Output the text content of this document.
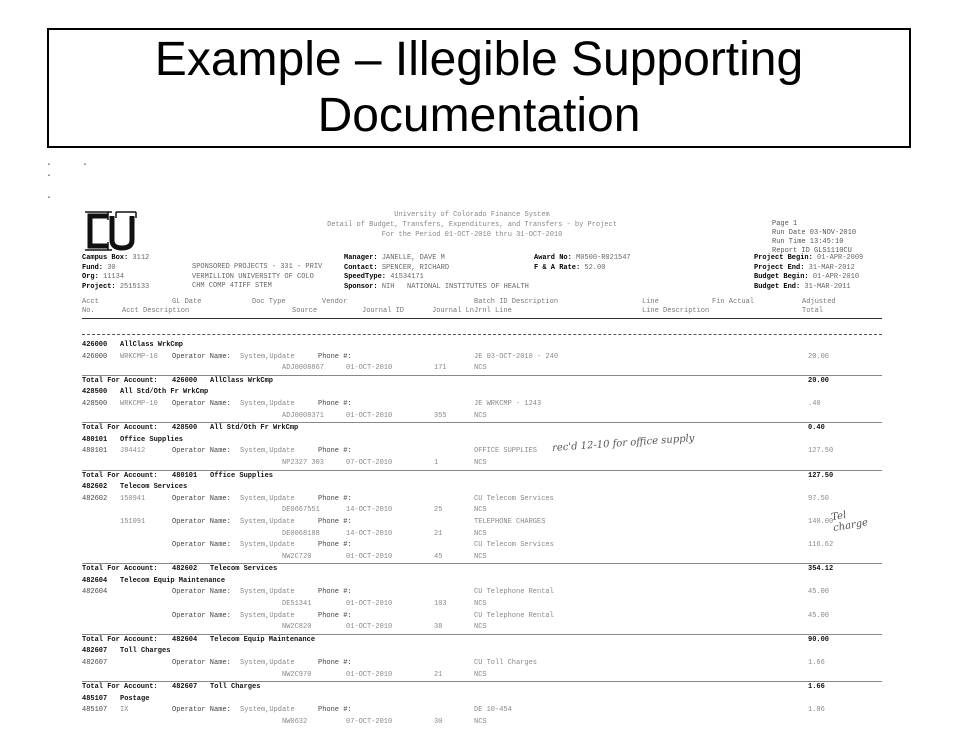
Example – Illegible Supporting
Documentation
·     ·
·

·
University of Colorado Finance System
Detail of Budget, Transfers, Expenditures, and Transfers - by Project
For the Period 01-OCT-2010 thru 31-OCT-2010
Page 1
Run Date 03-NOV-2010
Run Time 13:45:10
Report ID GLS1110CU
Campus Box: 3112
Fund: 30
Org: 11134
Project: 2515133
SPONSORED PROJECTS - 331 - PRIV
VERMILLION UNIVERSITY OF COLO
CHM COMP 4TIFF STEM
Manager: JANELLE, DAVE M
Contact: SPENCER, RICHARD
SpeedType: 41534171
Sponsor: NIH NATIONAL INSTITUTES OF HEALTH
Award No: M0500-R021547
F & A Rate: 52.00
Project Begin: 01-APR-2009
Project End: 31-MAR-2012
Budget Begin: 01-APR-2010
Budget End: 31-MAR-2011
Acct	GL Date	Doc Type	Vendor	Batch ID Description	Line	Fin Actual	Adjusted
No.	Acct Description	Source	Journal ID	Journal Ln Jrnl Line	Line Description	Total
426000 AllClass WrkCmp
426000 WRKCMP-10 Operator Name: System,Update	Phone #:	JE 03-OCT-2010 - 240	20.00
ADJ0008867	01-OCT-2010	171	NCS
Total For Account: 426000 AllClass WrkCmp	20.00
428500 All Std/Oth Fr WrkCmp
428500 WRKCMP-10 Operator Name: System,Update	Phone #:	JE WRKCMP - 1243	.40
ADJ0008371	01-OCT-2010	355	NCS
Total For Account: 428500 All Std/Oth Fr WrkCmp	0.40
480101 Office Supplies
480101 J84412	Operator Name: System,Update	Phone #:	OFFICE SUPPLIES	127.50
NP2327 303	07-OCT-2010	1	NCS
Total For Account: 480101 Office Supplies	127.50
482602 Telecom Services
482602 150941	Operator Name: System,Update	Phone #:	CU Telecom Services	97.50
DE0667551	14-OCT-2010	25	NCS
151091	Operator Name: System,Update	Phone #:	TELEPHONE CHARGES	140.00
DE0068188	14-OCT-2010	21	NCS
Operator Name: System,Update	Phone #:	CU Telecom Services	116.62
NW2C720	01-OCT-2010	45	NCS
Total For Account: 482602 Telecom Services	354.12
482604 Telecom Equip Maintenance
482604	Operator Name: System,Update	Phone #:	CU Telephone Rental	45.00
DE51341	01-OCT-2010	103	NCS
Operator Name: System,Update	Phone #:	CU Telephone Rental	45.00
NW2C820	01-OCT-2010	38	NCS
Total For Account: 482604 Telecom Equip Maintenance	90.00
482607 Toll Charges
482607	Operator Name: System,Update	Phone #:	CU Toll Charges	1.66
NW2C970	01-OCT-2010	21	NCS
Total For Account: 482607 Toll Charges	1.66
485107 Postage
485107 IX	Operator Name: System,Update	Phone #:	DE 10-454	1.86
NW0632	07-OCT-2010	30	NCS
rec'd 12-10 for office supply
Tel charge
